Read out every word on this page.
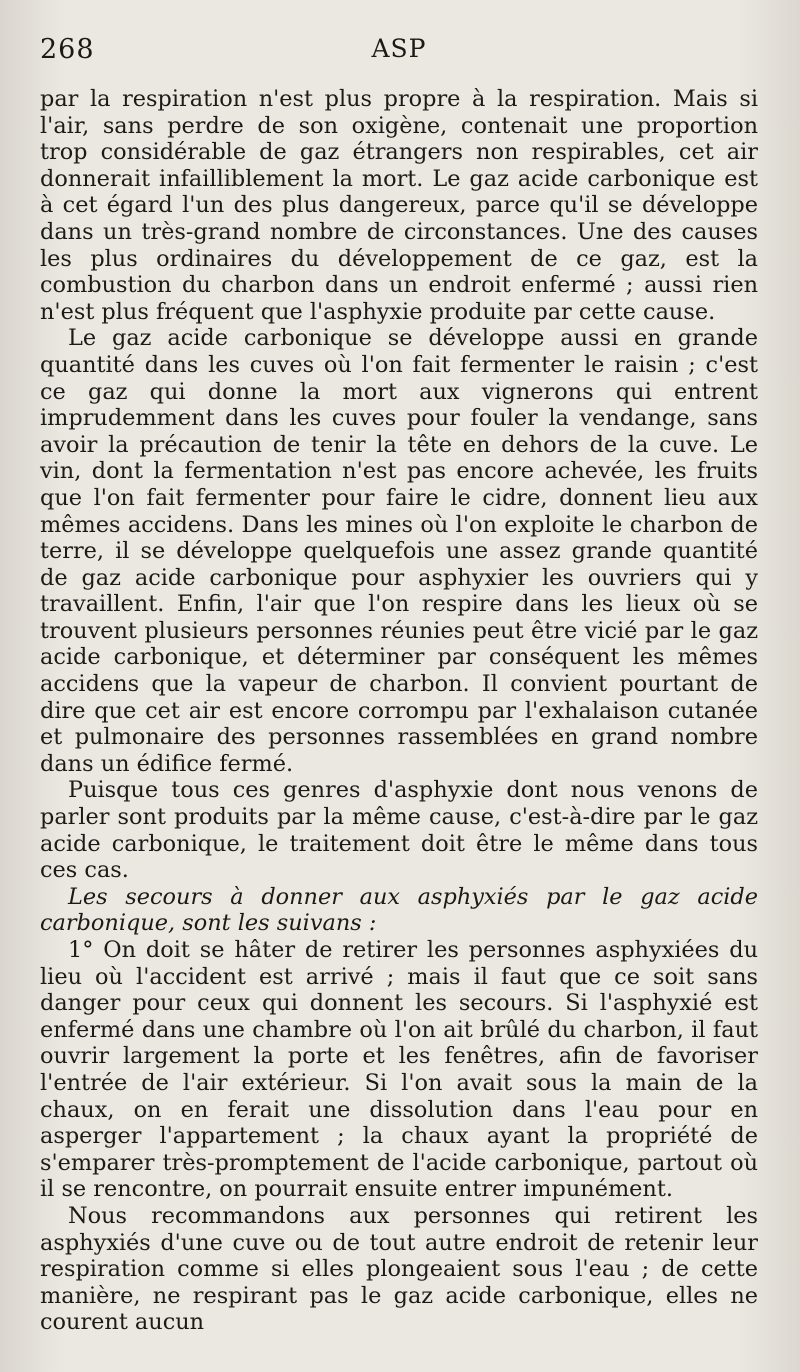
268	ASP

par la respiration n'est plus propre à la respiration. Mais si l'air, sans perdre de son oxigène, contenait une proportion trop considérable de gaz étrangers non respirables, cet air donnerait infailliblement la mort. Le gaz acide carbonique est à cet égard l'un des plus dangereux, parce qu'il se développe dans un très-grand nombre de circonstances. Une des causes les plus ordinaires du développement de ce gaz, est la combustion du charbon dans un endroit enfermé ; aussi rien n'est plus fréquent que l'asphyxie produite par cette cause.

Le gaz acide carbonique se développe aussi en grande quantité dans les cuves où l'on fait fermenter le raisin ; c'est ce gaz qui donne la mort aux vignerons qui entrent imprudemment dans les cuves pour fouler la vendange, sans avoir la précaution de tenir la tête en dehors de la cuve. Le vin, dont la fermentation n'est pas encore achevée, les fruits que l'on fait fermenter pour faire le cidre, donnent lieu aux mêmes accidens. Dans les mines où l'on exploite le charbon de terre, il se développe quelquefois une assez grande quantité de gaz acide carbonique pour asphyxier les ouvriers qui y travaillent. Enfin, l'air que l'on respire dans les lieux où se trouvent plusieurs personnes réunies peut être vicié par le gaz acide carbonique, et déterminer par conséquent les mêmes accidens que la vapeur de charbon. Il convient pourtant de dire que cet air est encore corrompu par l'exhalaison cutanée et pulmonaire des personnes rassemblées en grand nombre dans un édifice fermé.

Puisque tous ces genres d'asphyxie dont nous venons de parler sont produits par la même cause, c'est-à-dire par le gaz acide carbonique, le traitement doit être le même dans tous ces cas.

Les secours à donner aux asphyxiés par le gaz acide carbonique, sont les suivans :

1° On doit se hâter de retirer les personnes asphyxiées du lieu où l'accident est arrivé ; mais il faut que ce soit sans danger pour ceux qui donnent les secours. Si l'asphyxié est enfermé dans une chambre où l'on ait brûlé du charbon, il faut ouvrir largement la porte et les fenêtres, afin de favoriser l'entrée de l'air extérieur. Si l'on avait sous la main de la chaux, on en ferait une dissolution dans l'eau pour en asperger l'appartement ; la chaux ayant la propriété de s'emparer très-promptement de l'acide carbonique, partout où il se rencontre, on pourrait ensuite entrer impunément.

Nous recommandons aux personnes qui retirent les asphyxiés d'une cuve ou de tout autre endroit de retenir leur respiration comme si elles plongeaient sous l'eau ; de cette manière, ne respirant pas le gaz acide carbonique, elles ne courent aucun
